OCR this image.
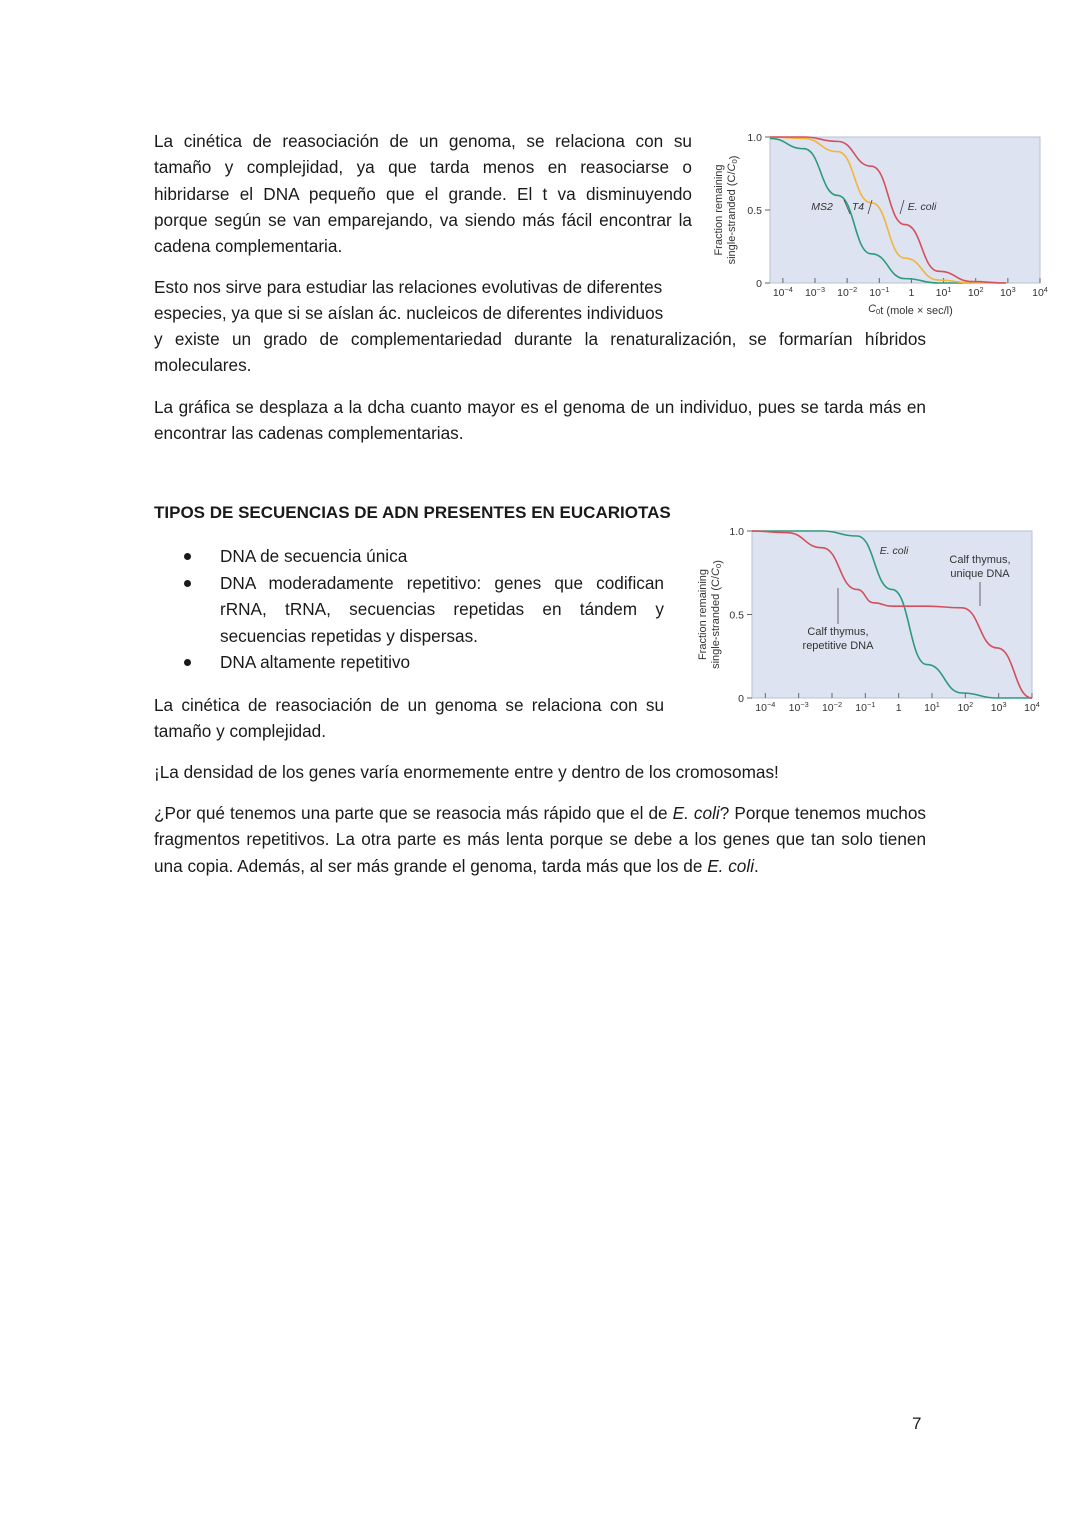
La cinética de reasociación de un genoma, se relaciona con su tamaño y complejidad, ya que tarda menos en reasociarse o hibridarse el DNA pequeño que el grande. El t va disminuyendo porque según se van emparejando, va siendo más fácil encontrar la cadena complementaria.

Esto nos sirve para estudiar las relaciones evolutivas de diferentes

especies, ya que si se aíslan ác. nucleicos de diferentes individuos

y existe un grado de complementariedad durante la renaturalización, se formarían híbridos moleculares.

La gráfica se desplaza a la dcha cuanto mayor es el genoma de un individuo, pues se tarda más en encontrar las cadenas complementarias.

$10^{-4}$ $10^{-3}$ $10^{-2}$ $10^{-1}$ 1 $10^1$ $10^2$ $10^3$ $10^4$
0
0.5
1.0
Fraction remaining single-stranded (C/C0)
C0t (mole × sec/l)
MS2 T4	E. coli

TIPOS DE SECUENCIAS DE ADN PRESENTES EN EUCARIOTAS

DNA de secuencia única
DNA moderadamente repetitivo: genes que codifican rRNA, tRNA, secuencias repetidas en tándem y secuencias repetidas y dispersas.
DNA altamente repetitivo
$10^{-4}$ $10^{-3}$ $10^{-2}$ $10^{-1}$ 1 $10^1$ $10^2$ $10^3$ $10^4$
0
0.5
1.0
Fraction remaining single-stranded (C/C0)
E. coli
Calf thymus,
unique DNA
Calf thymus,
repetitive DNA

La cinética de reasociación de un genoma se relaciona con su tamaño y complejidad.

¡La densidad de los genes varía enormemente entre y dentro de los cromosomas!

¿Por qué tenemos una parte que se reasocia más rápido que el de E. coli? Porque tenemos muchos fragmentos repetitivos. La otra parte es más lenta porque se debe a los genes que tan solo tienen una copia. Además, al ser más grande el genoma, tarda más que los de E. coli.

7
